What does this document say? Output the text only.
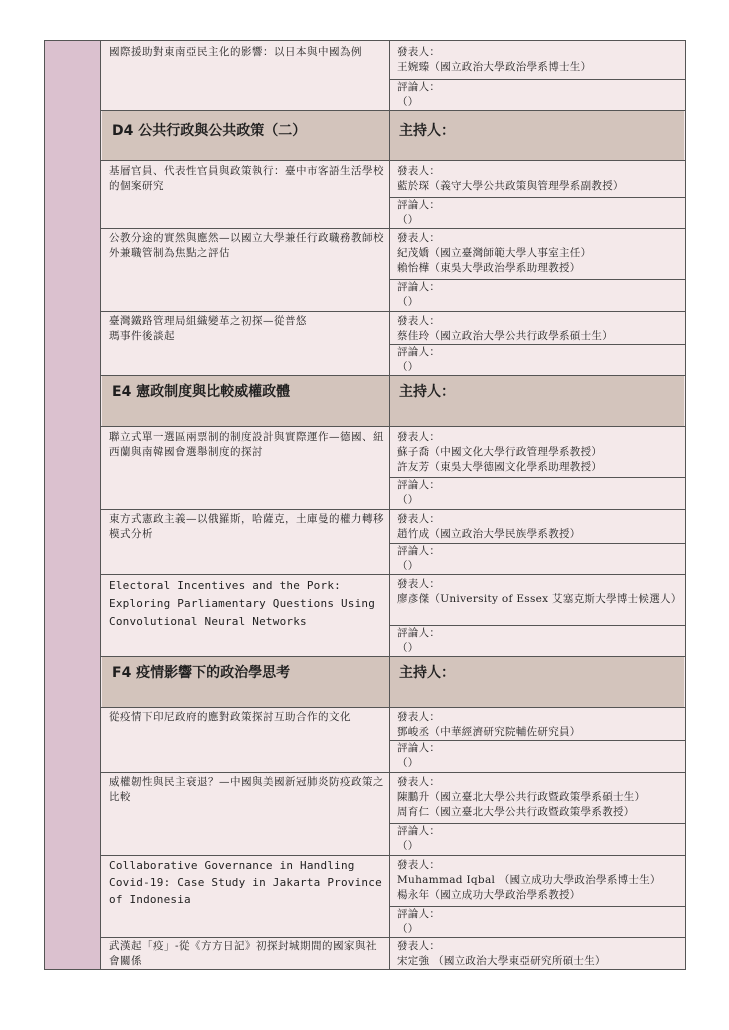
國際援助對東南亞民主化的影響：以日本與中國為例	發表人：
王婉臻（國立政治大學政治學系博士生）
評論人：
（）
D4 公共行政與公共政策（二）	主持人：
基層官員、代表性官員與政策執行：臺中市客語生活學校的個案研究
發表人：
藍於琛（義守大學公共政策與管理學系副教授）
評論人：
（）
公教分途的實然與應然—以國立大學兼任行政職務教師校外兼職管制為焦點之評估
發表人：
紀茂嬌（國立臺灣師範大學人事室主任）
賴怡樺（東吳大學政治學系助理教授）
評論人：
（）
臺灣鐵路管理局組織變革之初探—從普悠瑪事件後談起
發表人：
蔡佳玲（國立政治大學公共行政學系碩士生）
評論人：
（）
E4 憲政制度與比較威權政體	主持人：
聯立式單一選區兩票制的制度設計與實際運作—德國、紐西蘭與南韓國會選舉制度的探討
發表人：
蘇子喬（中國文化大學行政管理學系教授）
許友芳（東吳大學德國文化學系助理教授）
評論人：
（）
東方式憲政主義—以俄羅斯，哈薩克，土庫曼的權力轉移模式分析
發表人：
趙竹成（國立政治大學民族學系教授）
評論人：
（）
Electoral Incentives and the Pork: Exploring Parliamentary Questions Using Convolutional Neural Networks
發表人：
廖彥傑（University of Essex 艾塞克斯大學博士候選人）
評論人：
（）
F4 疫情影響下的政治學思考	主持人：
從疫情下印尼政府的應對政策探討互助合作的文化	發表人：
鄧峻丞（中華經濟研究院輔佐研究員）
評論人：
（）
威權韌性與民主衰退？—中國與美國新冠肺炎防疫政策之比較
發表人：
陳鵬升（國立臺北大學公共行政暨政策學系碩士生）
周育仁（國立臺北大學公共行政暨政策學系教授）
評論人：
（）
Collaborative Governance in Handling Covid-19: Case Study in Jakarta Province of Indonesia
發表人：
Muhammad Iqbal （國立成功大學政治學系博士生）
楊永年（國立成功大學政治學系教授）
評論人：
（）
武漢起「疫」-從《方方日記》初探封城期間的國家與社會關係
發表人：
宋定強 （國立政治大學東亞研究所碩士生）
